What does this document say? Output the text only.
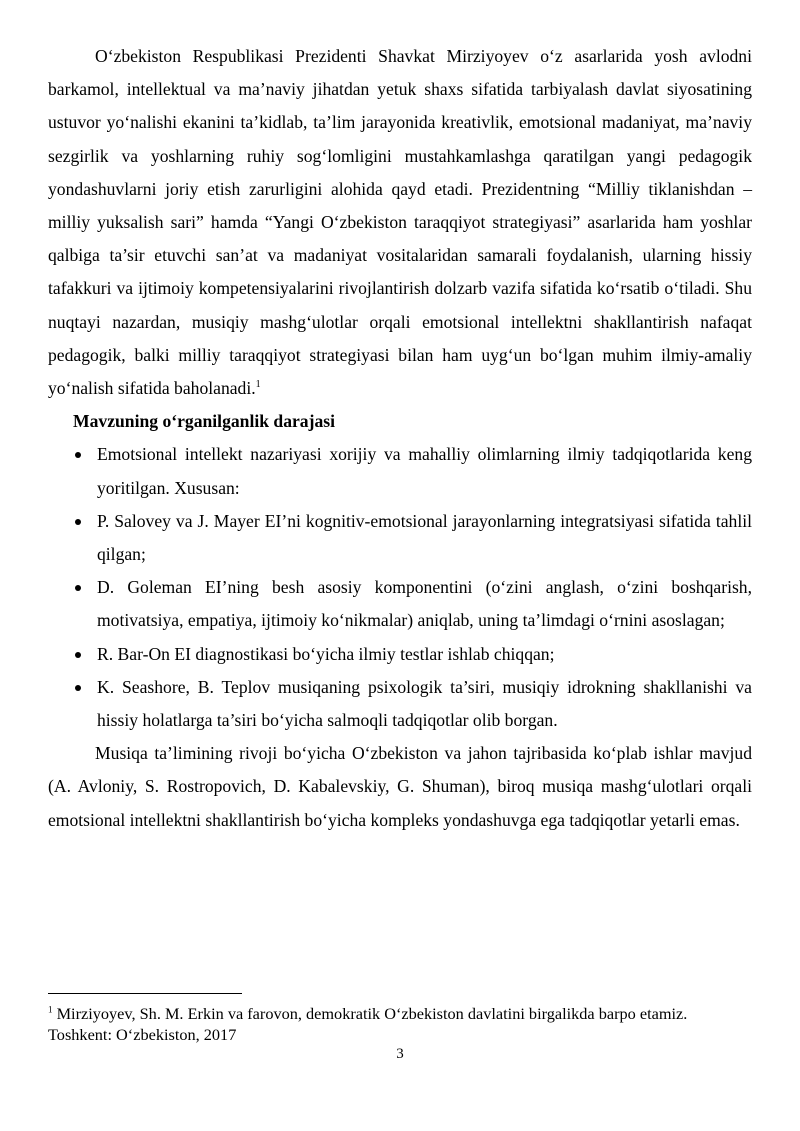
O‘zbekiston Respublikasi Prezidenti Shavkat Mirziyoyev o‘z asarlarida yosh avlodni barkamol, intellektual va ma’naviy jihatdan yetuk shaxs sifatida tarbiyalash davlat siyosatining ustuvor yo‘nalishi ekanini ta’kidlab, ta’lim jarayonida kreativlik, emotsional madaniyat, ma’naviy sezgirlik va yoshlarning ruhiy sog‘lomligini mustahkamlashga qaratilgan yangi pedagogik yondashuvlarni joriy etish zarurligini alohida qayd etadi. Prezidentning “Milliy tiklanishdan – milliy yuksalish sari” hamda “Yangi O‘zbekiston taraqqiyot strategiyasi” asarlarida ham yoshlar qalbiga ta’sir etuvchi san’at va madaniyat vositalaridan samarali foydalanish, ularning hissiy tafakkuri va ijtimoiy kompetensiyalarini rivojlantirish dolzarb vazifa sifatida ko‘rsatib o‘tiladi. Shu nuqtayi nazardan, musiqiy mashg‘ulotlar orqali emotsional intellektni shakllantirish nafaqat pedagogik, balki milliy taraqqiyot strategiyasi bilan ham uyg‘un bo‘lgan muhim ilmiy-amaliy yo‘nalish sifatida baholanadi.$^1$

Mavzuning o‘rganilganlik darajasi

Emotsional intellekt nazariyasi xorijiy va mahalliy olimlarning ilmiy tadqiqotlarida keng yoritilgan. Xususan:
P. Salovey va J. Mayer EI’ni kognitiv-emotsional jarayonlarning integratsiyasi sifatida tahlil qilgan;
D. Goleman EI’ning besh asosiy komponentini (o‘zini anglash, o‘zini boshqarish, motivatsiya, empatiya, ijtimoiy ko‘nikmalar) aniqlab, uning ta’limdagi o‘rnini asoslagan;
R. Bar-On EI diagnostikasi bo‘yicha ilmiy testlar ishlab chiqqan;
K. Seashore, B. Teplov musiqaning psixologik ta’siri, musiqiy idrokning shakllanishi va hissiy holatlarga ta’siri bo‘yicha salmoqli tadqiqotlar olib borgan.

Musiqa ta’limining rivoji bo‘yicha O‘zbekiston va jahon tajribasida ko‘plab ishlar mavjud (A. Avloniy, S. Rostropovich, D. Kabalevskiy, G. Shuman), biroq musiqa mashg‘ulotlari orqali emotsional intellektni shakllantirish bo‘yicha kompleks yondashuvga ega tadqiqotlar yetarli emas.

$^1$ Mirziyoyev, Sh. M. Erkin va farovon, demokratik O‘zbekiston davlatini birgalikda barpo etamiz. Toshkent: O‘zbekiston, 2017
3
